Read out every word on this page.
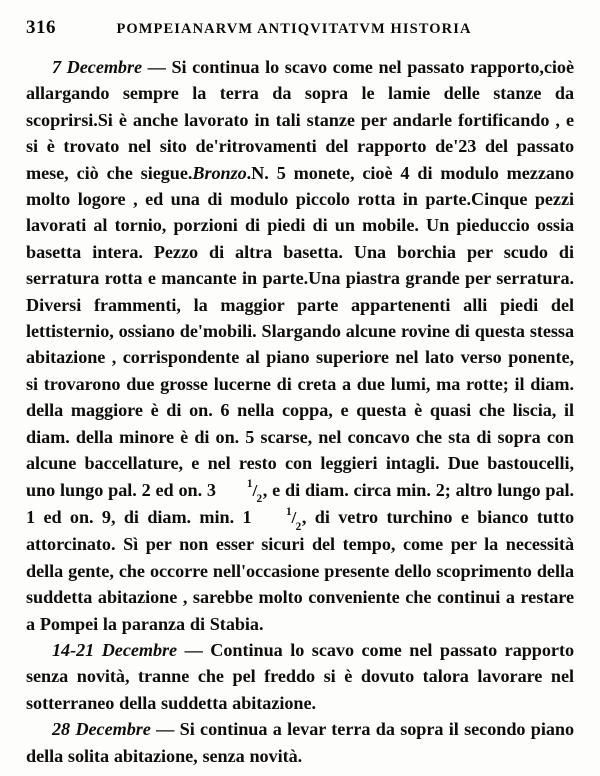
316	POMPEIANARVM ANTIQVITATVM HISTORIA

7 Decembre — Si continua lo scavo come nel passato rapporto,cioè allargando sempre la terra da sopra le lamie delle stanze da scoprirsi.Si è anche lavorato in tali stanze per andarle fortificando , e si è trovato nel sito de'ritrovamenti del rapporto de'23 del passato mese, ciò che siegue.Bronzo.N. 5 monete, cioè 4 di modulo mezzano molto logore , ed una di modulo piccolo rotta in parte.Cinque pezzi lavorati al tornio, porzioni di piedi di un mobile. Un pieduccio ossia basetta intera. Pezzo di altra basetta. Una borchia per scudo di serratura rotta e mancante in parte.Una piastra grande per serratura. Diversi frammenti, la maggior parte appartenenti alli piedi del lettisternio, ossiano de'mobili. Slargando alcune rovine di questa stessa abitazione , corrispondente al piano superiore nel lato verso ponente, si trovarono due grosse lucerne di creta a due lumi, ma rotte; il diam. della maggiore è di on. 6 nella coppa, e questa è quasi che liscia, il diam. della minore è di on. 5 scarse, nel concavo che sta di sopra con alcune baccellature, e nel resto con leggieri intagli. Due bastoucelli, uno lungo pal. 2 ed on. 3 $^1/_2$, e di diam. circa min. 2; altro lungo pal. 1 ed on. 9, di diam. min. 1 $^1/_2$, di vetro turchino e bianco tutto attorcinato. Sì per non esser sicuri del tempo, come per la necessità della gente, che occorre nell'occasione presente dello scoprimento della suddetta abitazione , sarebbe molto conveniente che continui a restare a Pompei la paranza di Stabia.

14-21 Decembre — Continua lo scavo come nel passato rapporto senza novità, tranne che pel freddo si è dovuto talora lavorare nel sotterraneo della suddetta abitazione.

28 Decembre — Si continua a levar terra da sopra il secondo piano della solita abitazione, senza novità.
